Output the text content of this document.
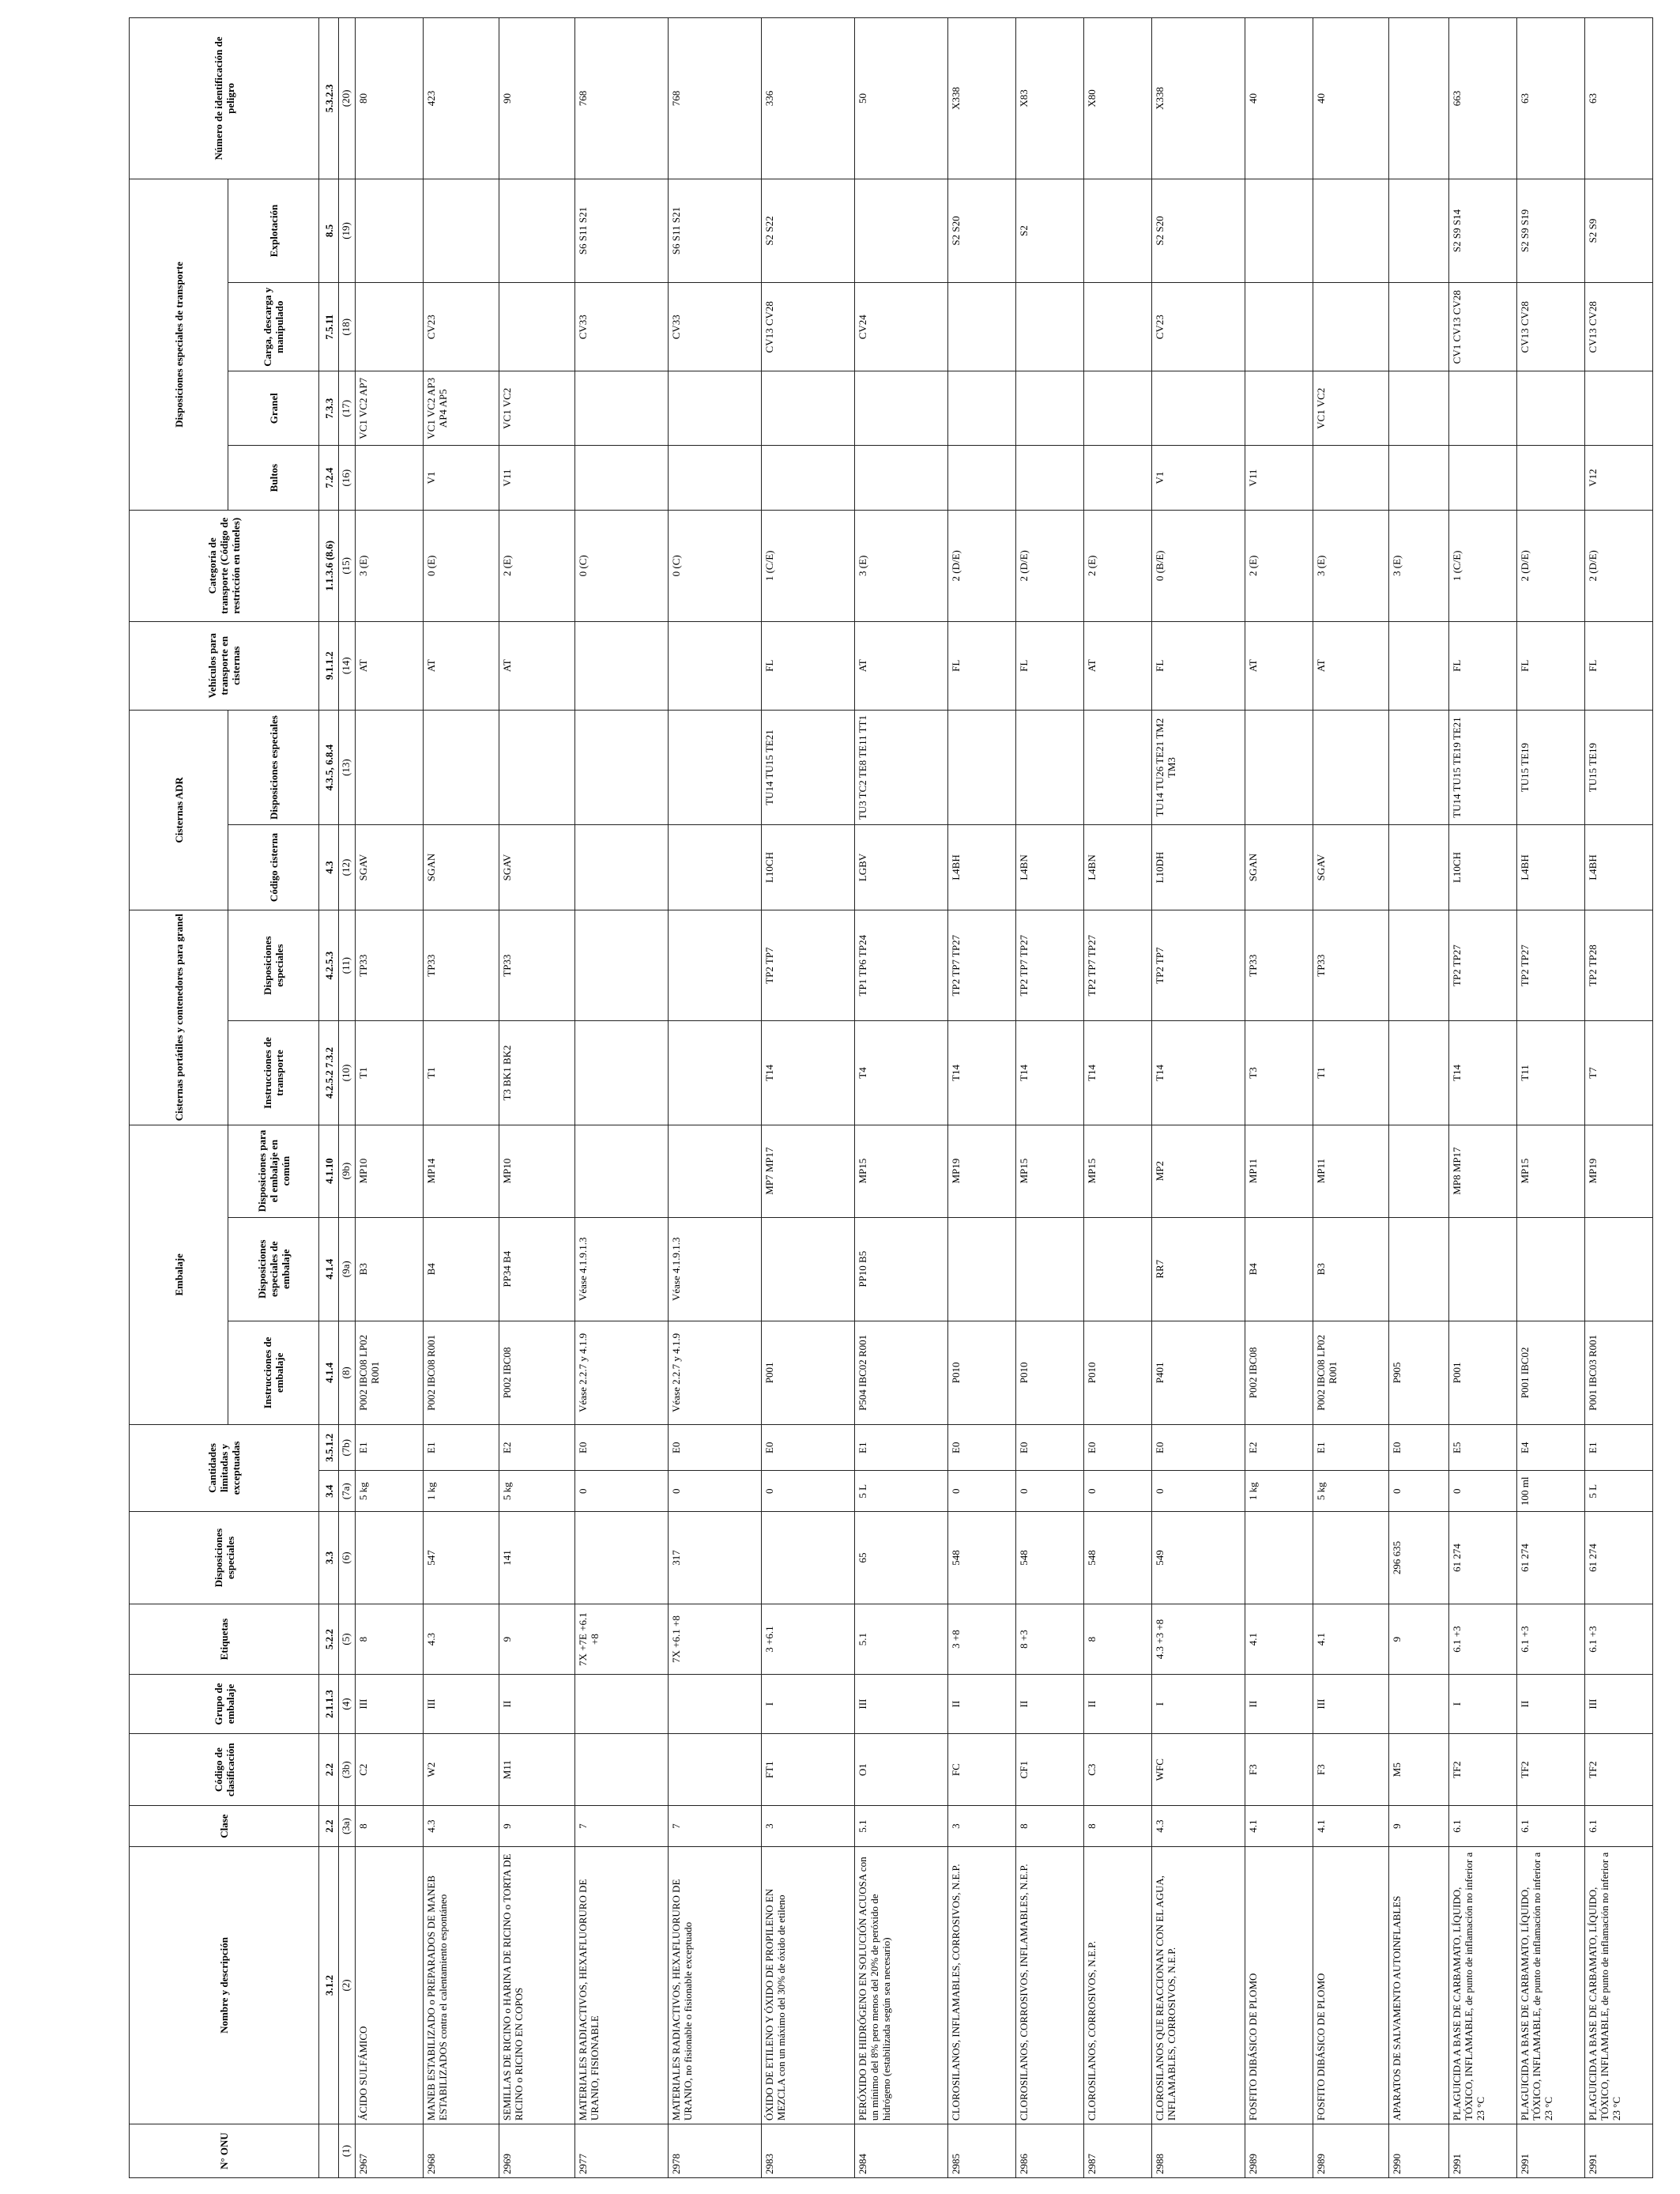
N° ONU	Nombre y descripción	Clase	Código de clasificación	Grupo de embalaje	Etiquetas	Disposiciones especiales	Cantidades limitadas y exceptuadas		Embalaje			Cisternas portátiles y contenedores para granel		Cisternas ADR		Vehículos para transporte en cisternas	Categoría de transporte (Código de restricción en túneles)	Disposiciones especiales de transporte				Número de identificación de peligro
									Instrucciones de embalaje	Disposiciones especiales de embalaje	Disposiciones para el embalaje en común	Instrucciones de transporte	Disposiciones especiales	Código cisterna	Disposiciones especiales			Bultos	Granel	Carga, descarga y manipulado	Explotación	
	3.1.2	2.2	2.2	2.1.1.3	5.2.2	3.3	3.4	3.5.1.2	4.1.4	4.1.4	4.1.10	4.2.5.2 7.3.2	4.2.5.3	4.3	4.3.5, 6.8.4	9.1.1.2	1.1.3.6 (8.6)	7.2.4	7.3.3	7.5.11	8.5	5.3.2.3
(1)	(2)	(3a)	(3b)	(4)	(5)	(6)	(7a)	(7b)	(8)	(9a)	(9b)	(10)	(11)	(12)	(13)	(14)	(15)	(16)	(17)	(18)	(19)	(20)
2967	ÁCIDO SULFÁMICO	8	C2	III	8		5 kg	E1	P002 IBC08 LP02 R001	B3	MP10	T1	TP33	SGAV		AT	3 (E)		VC1 VC2 AP7			80
2968	MANEB ESTABILIZADO o PREPARADOS DE MANEB ESTABILIZADOS contra el calentamiento espontáneo	4.3	W2	III	4.3	547	1 kg	E1	P002 IBC08 R001	B4	MP14	T1	TP33	SGAN		AT	0 (E)	V1	VC1 VC2 AP3 AP4 AP5	CV23		423
2969	SEMILLAS DE RICINO o HARINA DE RICINO o TORTA DE RICINO o RICINO EN COPOS	9	M11	II	9	141	5 kg	E2	P002 IBC08	PP34 B4	MP10	T3 BK1 BK2	TP33	SGAV		AT	2 (E)	V11	VC1 VC2			90
2977	MATERIALES RADIACTIVOS, HEXAFLUORURO DE URANIO, FISIONABLE	7			7X +7E +6.1 +8		0	E0	Véase 2.2.7 y 4.1.9	Véase 4.1.9.1.3							0 (C)			CV33	S6 S11 S21	768
2978	MATERIALES RADIACTIVOS, HEXAFLUORURO DE URANIO, no fisionable o fisionable exceptuado	7			7X +6.1 +8	317	0	E0	Véase 2.2.7 y 4.1.9	Véase 4.1.9.1.3							0 (C)			CV33	S6 S11 S21	768
2983	ÓXIDO DE ETILENO Y ÓXIDO DE PROPILENO EN MEZCLA con un máximo del 30% de óxido de etileno	3	FT1	I	3 +6.1		0	E0	P001		MP7 MP17	T14	TP2 TP7	L10CH	TU14 TU15 TE21	FL	1 (C/E)			CV13 CV28	S2 S22	336
2984	PERÓXIDO DE HIDRÓGENO EN SOLUCIÓN ACUOSA con un mínimo del 8% pero menos del 20% de peróxido de hidrógeno (estabilizada según sea necesario)	5.1	O1	III	5.1	65	5 L	E1	P504 IBC02 R001	PP10 B5	MP15	T4	TP1 TP6 TP24	LGBV	TU3 TC2 TE8 TE11 TT1	AT	3 (E)			CV24		50
2985	CLOROSILANOS, INFLAMABLES, CORROSIVOS, N.E.P.	3	FC	II	3 +8	548	0	E0	P010		MP19	T14	TP2 TP7 TP27	L4BH		FL	2 (D/E)				S2 S20	X338
2986	CLOROSILANOS, CORROSIVOS, INFLAMABLES, N.E.P.	8	CF1	II	8 +3	548	0	E0	P010		MP15	T14	TP2 TP7 TP27	L4BN		FL	2 (D/E)				S2	X83
2987	CLOROSILANOS, CORROSIVOS, N.E.P.	8	C3	II	8	548	0	E0	P010		MP15	T14	TP2 TP7 TP27	L4BN		AT	2 (E)					X80
2988	CLOROSILANOS QUE REACCIONAN CON EL AGUA, INFLAMABLES, CORROSIVOS, N.E.P.	4.3	WFC	I	4.3 +3 +8	549	0	E0	P401	RR7	MP2	T14	TP2 TP7	L10DH	TU14 TU26 TE21 TM2 TM3	FL	0 (B/E)	V1		CV23	S2 S20	X338
2989	FOSFITO DIBÁSICO DE PLOMO	4.1	F3	II	4.1		1 kg	E2	P002 IBC08	B4	MP11	T3	TP33	SGAN		AT	2 (E)	V11				40
2989	FOSFITO DIBÁSICO DE PLOMO	4.1	F3	III	4.1		5 kg	E1	P002 IBC08 LP02 R001	B3	MP11	T1	TP33	SGAV		AT	3 (E)		VC1 VC2			40
2990	APARATOS DE SALVAMENTO AUTOINFLABLES	9	M5		9	296 635	0	E0	P905								3 (E)					
2991	PLAGUICIDA A BASE DE CARBAMATO, LÍQUIDO, TÓXICO, INFLAMABLE, de punto de inflamación no inferior a 23 °C	6.1	TF2	I	6.1 +3	61 274	0	E5	P001		MP8 MP17	T14	TP2 TP27	L10CH	TU14 TU15 TE19 TE21	FL	1 (C/E)			CV1 CV13 CV28	S2 S9 S14	663
2991	PLAGUICIDA A BASE DE CARBAMATO, LÍQUIDO, TÓXICO, INFLAMABLE, de punto de inflamación no inferior a 23 °C	6.1	TF2	II	6.1 +3	61 274	100 ml	E4	P001 IBC02		MP15	T11	TP2 TP27	L4BH	TU15 TE19	FL	2 (D/E)			CV13 CV28	S2 S9 S19	63
2991	PLAGUICIDA A BASE DE CARBAMATO, LÍQUIDO, TÓXICO, INFLAMABLE, de punto de inflamación no inferior a 23 °C	6.1	TF2	III	6.1 +3	61 274	5 L	E1	P001 IBC03 R001		MP19	T7	TP2 TP28	L4BH	TU15 TE19	FL	2 (D/E)	V12		CV13 CV28	S2 S9	63
